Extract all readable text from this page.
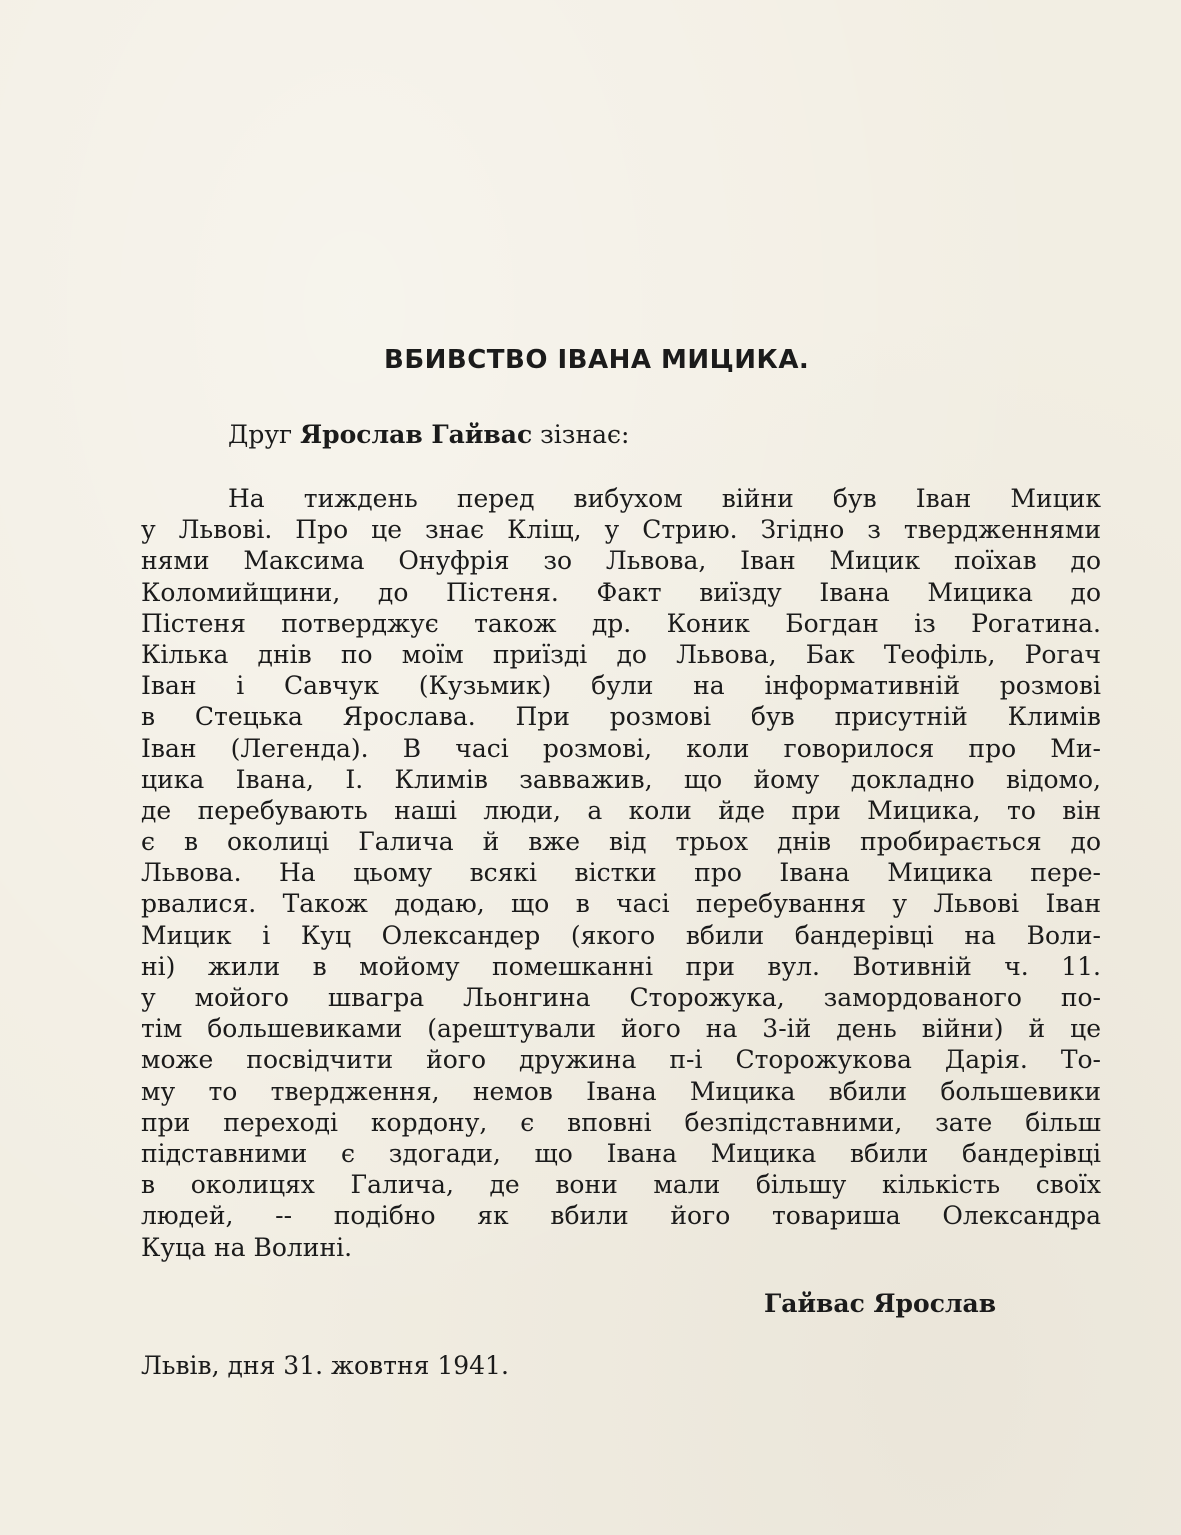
ВБИВСТВО ІВАНА МИЦИКА.
Друг Ярослав Гайвас зізнає:
На тиждень перед вибухом війни був Іван Мицик
у Львові. Про це знає Кліщ, у Стрию. Згідно з твердженнями
нями Максима Онуфрія зо Львова, Іван Мицик поїхав до
Коломийщини, до Пістеня. Факт виїзду Івана Мицика до
Пістеня потверджує також др. Коник Богдан із Рогатина.
Кілька днів по моїм приїзді до Львова, Бак Теофіль, Рогач
Іван і Савчук (Кузьмик) були на інформативній розмові
в Стецька Ярослава. При розмові був присутній Климів
Іван (Легенда). В часі розмові, коли говорилося про Ми-
цика Івана, І. Климів завважив, що йому докладно відомо,
де перебувають наші люди, а коли йде при Мицика, то він
є в околиці Галича й вже від трьох днів пробирається до
Львова. На цьому всякі вістки про Івана Мицика пере-
рвалися. Також додаю, що в часі перебування у Львові Іван
Мицик і Куц Олександер (якого вбили бандерівці на Воли-
ні) жили в мойому помешканні при вул. Вотивній ч. 11.
у мойого швагра Льонгина Сторожука, замордованого по-
тім большевиками (арештували його на 3-ій день війни) й це
може посвідчити його дружина п-і Сторожукова Дарія. То-
му то твердження, немов Івана Мицика вбили большевики
при переході кордону, є вповні безпідставними, зате більш
підставними є здогади, що Івана Мицика вбили бандерівці
в околицях Галича, де вони мали більшу кількість своїх
людей, -- подібно як вбили його товариша Олександра
Куца на Волині.
Гайвас Ярослав
Львів, дня 31. жовтня 1941.
